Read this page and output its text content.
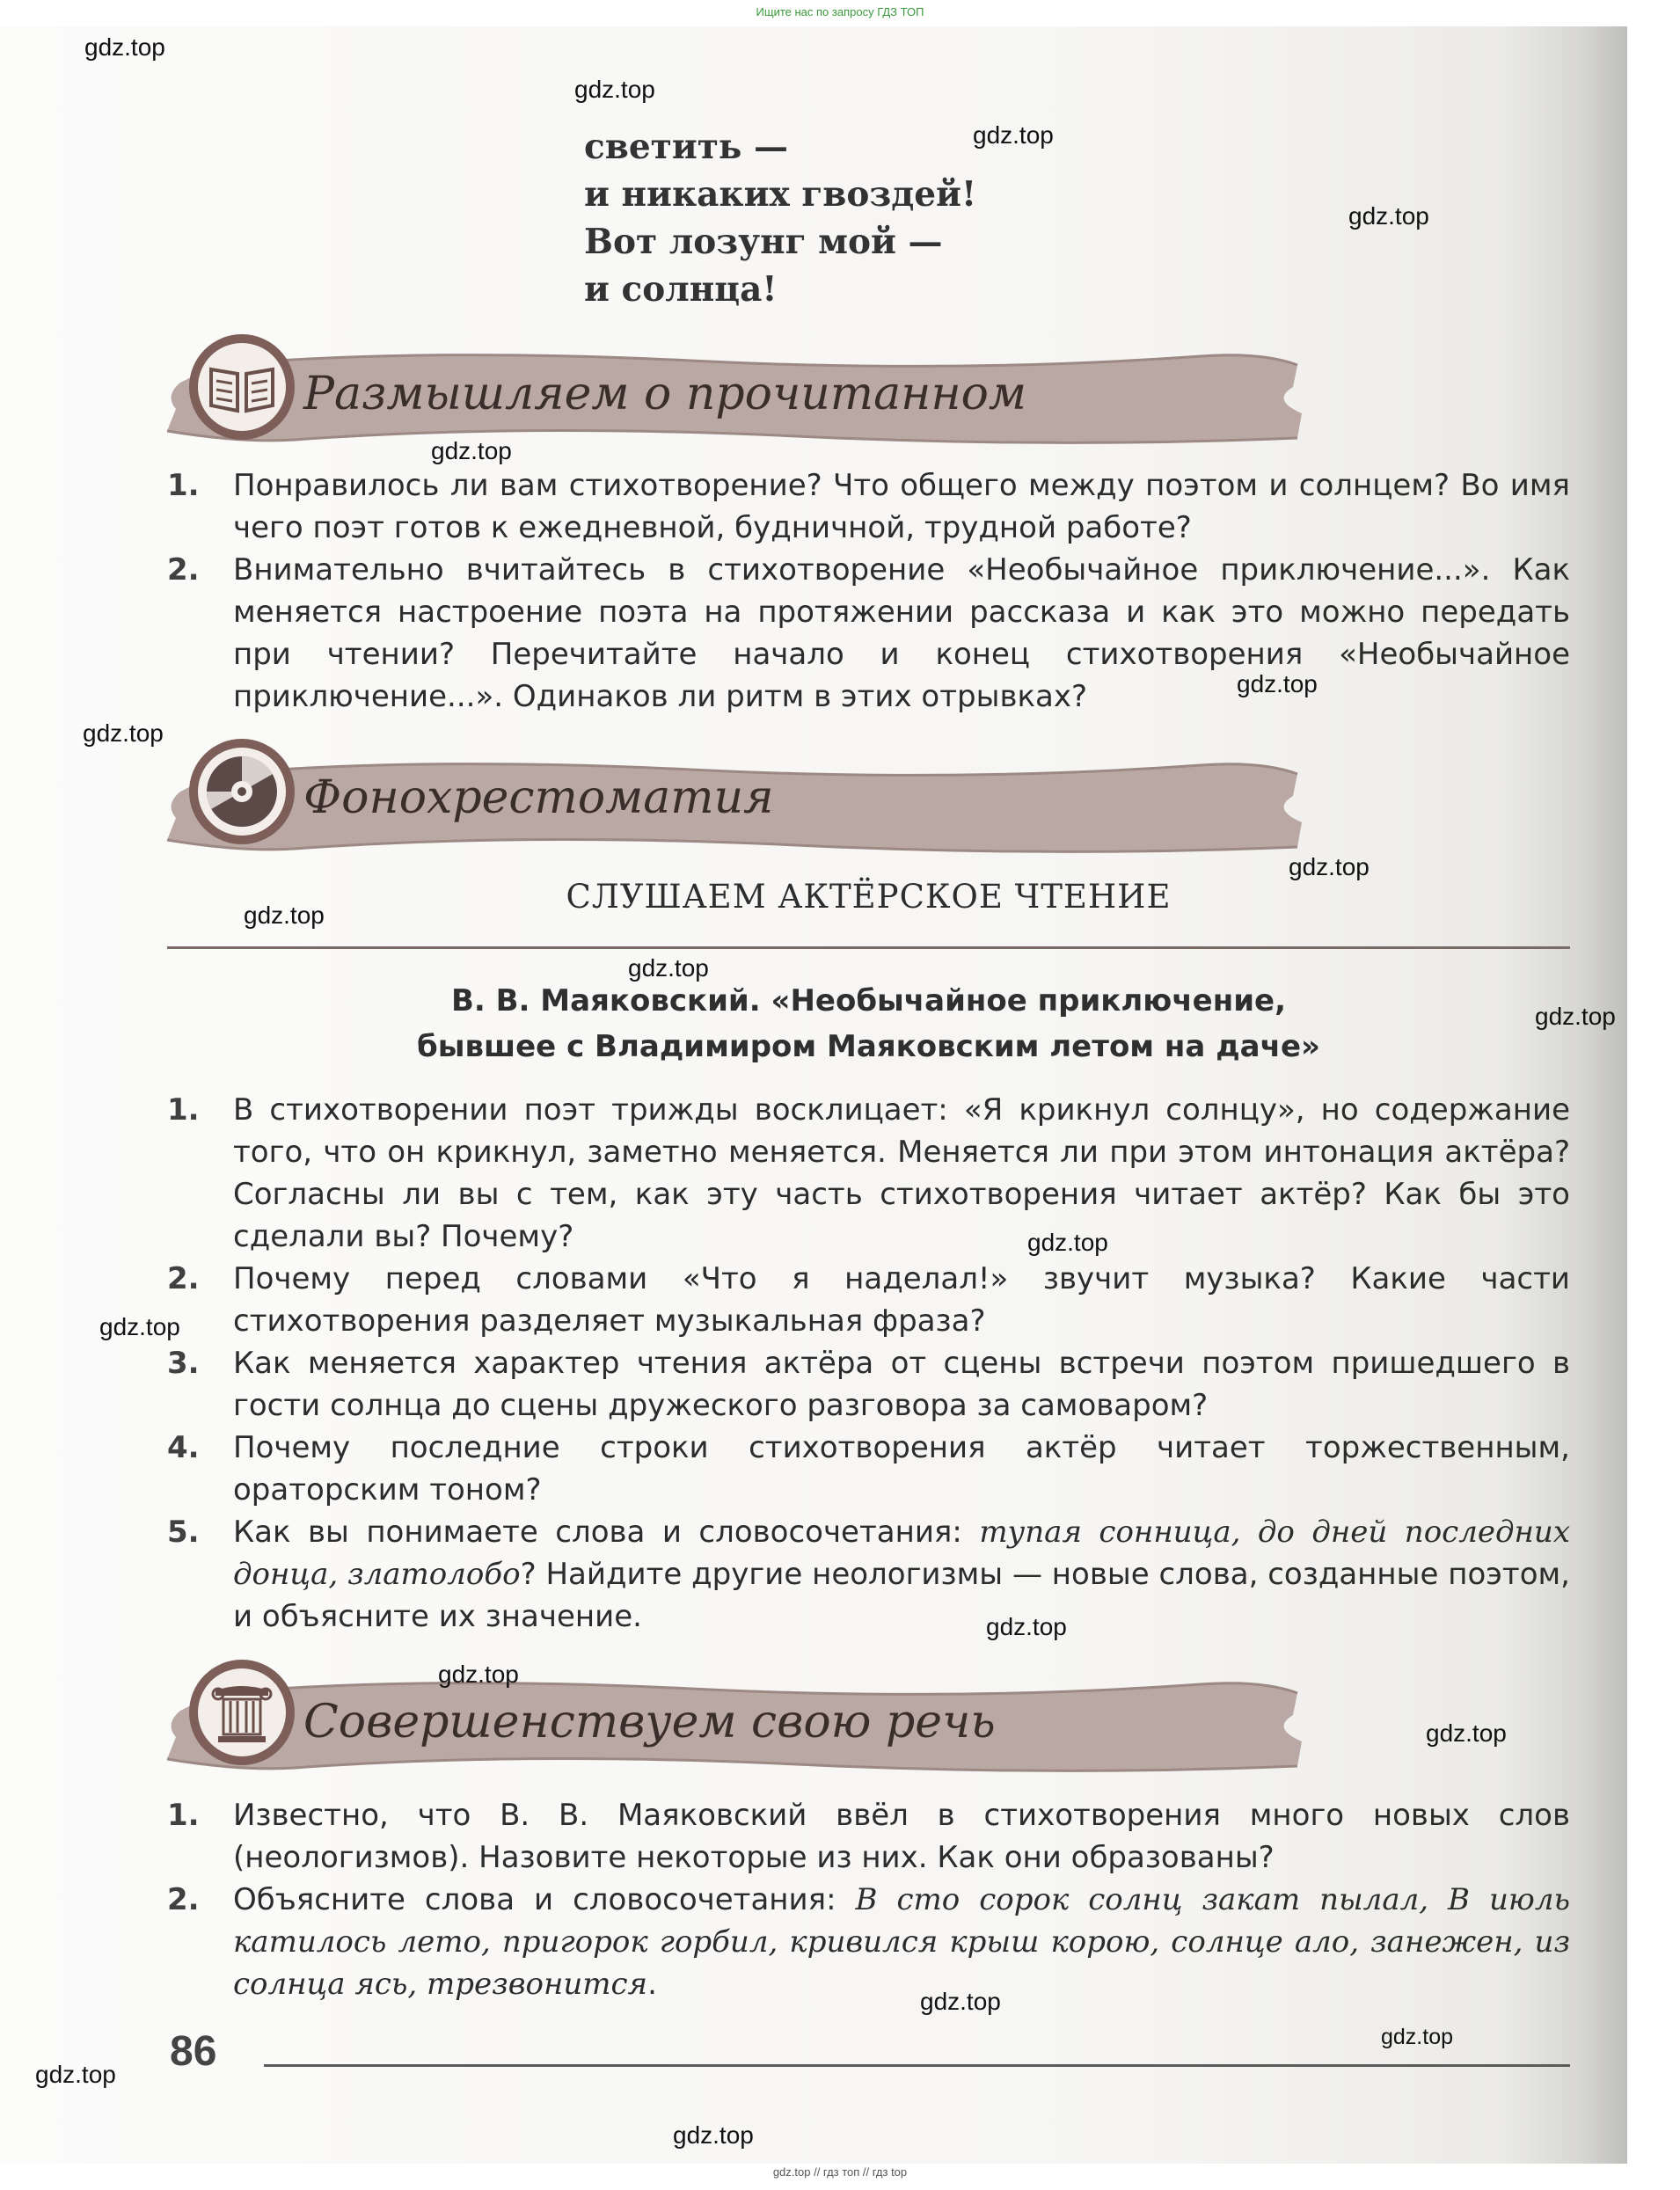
Ищите нас по запросу ГДЗ ТОП
светить —
и никаких гвоздей!
Вот лозунг мой —
и солнца!
Размышляем о прочитанном
1. Понравилось ли вам стихотворение? Что общего между поэтом и солнцем? Во имя чего поэт готов к ежедневной, будничной, трудной работе?
2. Внимательно вчитайтесь в стихотворение «Необычайное приключение...». Как меняется настроение поэта на протяжении рассказа и как это можно передать при чтении? Перечитайте начало и конец стихотворения «Необычайное приключение...». Одинаков ли ритм в этих отрывках?
Фонохрестоматия
СЛУШАЕМ АКТЁРСКОЕ ЧТЕНИЕ
В. В. Маяковский. «Необычайное приключение,
бывшее с Владимиром Маяковским летом на даче»
1. В стихотворении поэт трижды восклицает: «Я крикнул солнцу», но содержание того, что он крикнул, заметно меняется. Меняется ли при этом интонация актёра? Согласны ли вы с тем, как эту часть стихотворения читает актёр? Как бы это сделали вы? Почему?
2. Почему перед словами «Что я наделал!» звучит музыка? Какие части стихотворения разделяет музыкальная фраза?
3. Как меняется характер чтения актёра от сцены встречи поэтом пришедшего в гости солнца до сцены дружеского разговора за самоваром?
4. Почему последние строки стихотворения актёр читает торжественным, ораторским тоном?
5. Как вы понимаете слова и словосочетания: тупая сонница, до дней последних донца, златолобо? Найдите другие неологизмы — новые слова, созданные поэтом, и объясните их значение.
Совершенствуем свою речь
1. Известно, что В. В. Маяковский ввёл в стихотворения много новых слов (неологизмов). Назовите некоторые из них. Как они образованы?
2. Объясните слова и словосочетания: В сто сорок солнц закат пылал, В июль катилось лето, пригорок горбил, кривился крыш корою, солнце ало, занежен, из солнца ясь, трезвонится.
86
gdz.top
gdz.top
gdz.top
gdz.top
gdz.top
gdz.top
gdz.top
gdz.top
gdz.top
gdz.top
gdz.top
gdz.top
gdz.top
gdz.top
gdz.top
gdz.top
gdz.top
gdz.top
gdz.top
gdz.top
gdz.top // гдз топ // гдз top
